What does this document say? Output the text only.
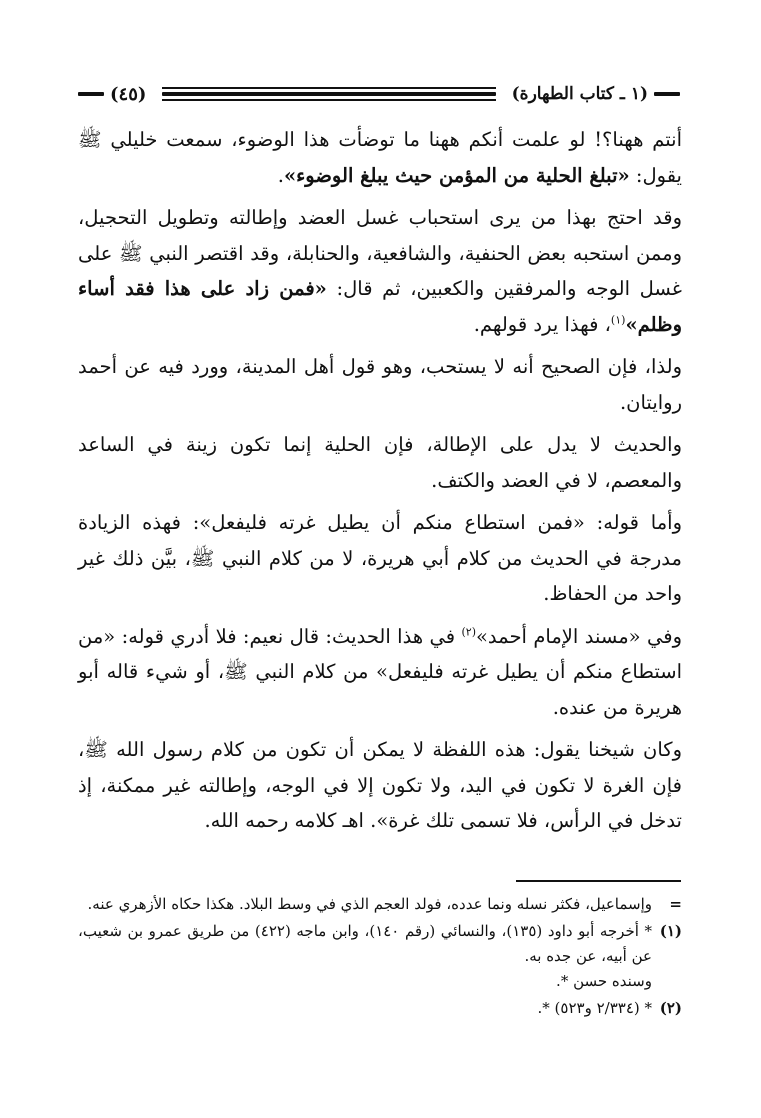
(١ ـ كتاب الطهارة)
(٤٥)

أنتم ههنا؟! لو علمت أنكم ههنا ما توضأت هذا الوضوء، سمعت خليلي ﷺ يقول: «تبلغ الحلية من المؤمن حيث يبلغ الوضوء».

وقد احتج بهذا من يرى استحباب غسل العضد وإطالته وتطويل التحجيل، وممن استحبه بعض الحنفية، والشافعية، والحنابلة، وقد اقتصر النبي ﷺ على غسل الوجه والمرفقين والكعبين، ثم قال: «فمن زاد على هذا فقد أساء وظلم»$^{(١)}$، فهذا يرد قولهم.

ولذا، فإن الصحيح أنه لا يستحب، وهو قول أهل المدينة، وورد فيه عن أحمد روايتان.

والحديث لا يدل على الإطالة، فإن الحلية إنما تكون زينة في الساعد والمعصم، لا في العضد والكتف.

وأما قوله: «فمن استطاع منكم أن يطيل غرته فليفعل»: فهذه الزيادة مدرجة في الحديث من كلام أبي هريرة، لا من كلام النبي ﷺ، بيَّن ذلك غير واحد من الحفاظ.

وفي «مسند الإمام أحمد»$^{(٢)}$ في هذا الحديث: قال نعيم: فلا أدري قوله: «من استطاع منكم أن يطيل غرته فليفعل» من كلام النبي ﷺ، أو شيء قاله أبو هريرة من عنده.

وكان شيخنا يقول: هذه اللفظة لا يمكن أن تكون من كلام رسول الله ﷺ، فإن الغرة لا تكون في اليد، ولا تكون إلا في الوجه، وإطالته غير ممكنة، إذ تدخل في الرأس، فلا تسمى تلك غرة». اهـ كلامه رحمه الله.

=
وإسماعيل، فكثر نسله ونما عدده، فولد العجم الذي في وسط البلاد. هكذا حكاه الأزهري عنه.
(١)
* أخرجه أبو داود (١٣٥)، والنسائي (رقم ١٤٠)، وابن ماجه (٤٢٢) من طريق عمرو بن شعيب، عن أبيه، عن جده به.
وسنده حسن *.
(٢)
* (٢/٣٣٤ و٥٢٣) *.
